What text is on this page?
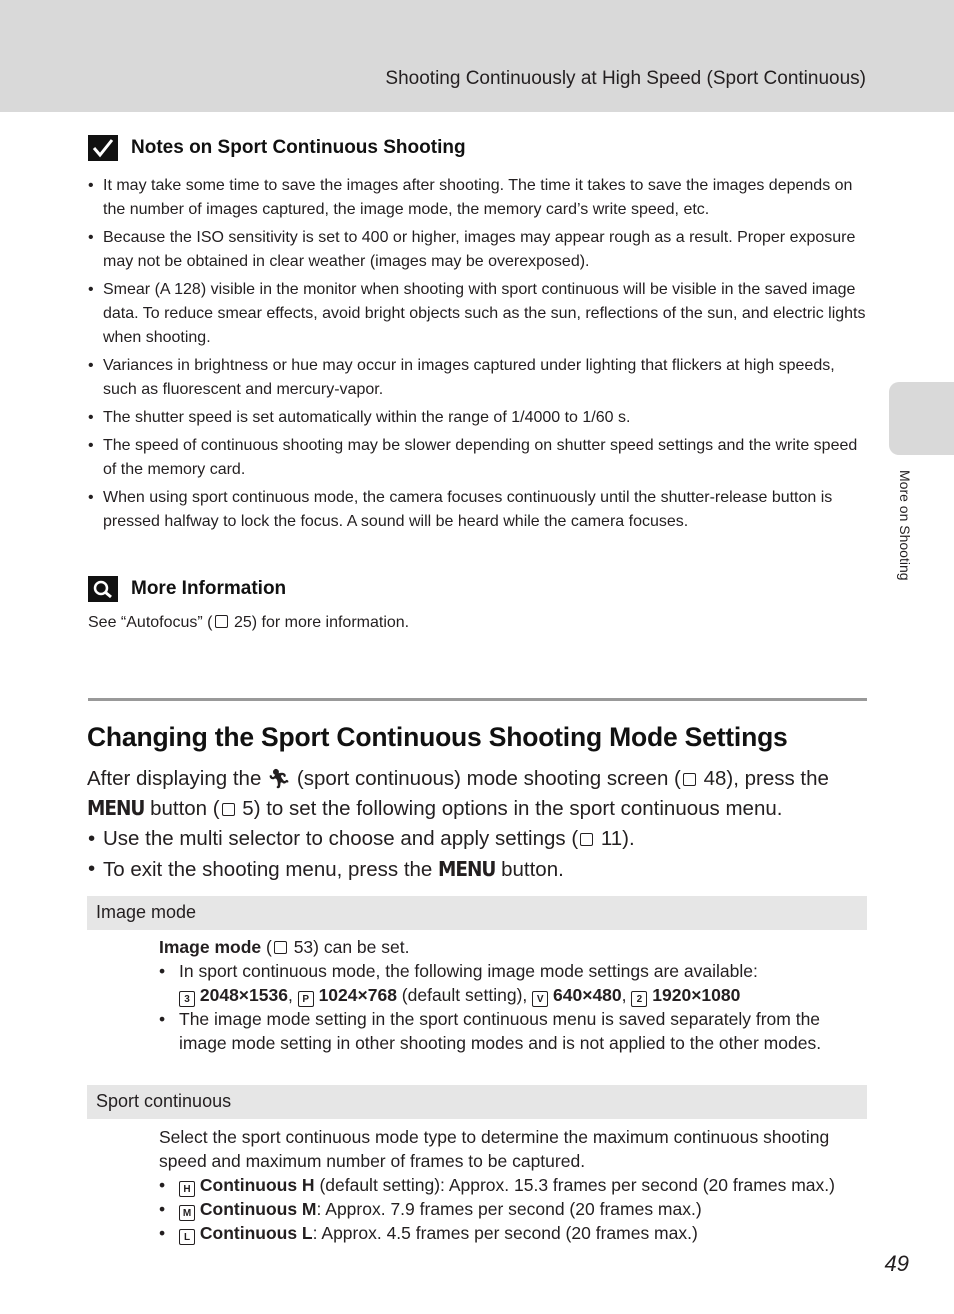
Shooting Continuously at High Speed (Sport Continuous)
More on Shooting
Notes on Sport Continuous Shooting
• It may take some time to save the images after shooting. The time it takes to save the images depends on the number of images captured, the image mode, the memory card’s write speed, etc.
• Because the ISO sensitivity is set to 400 or higher, images may appear rough as a result. Proper exposure may not be obtained in clear weather (images may be overexposed).
• Smear (A 128) visible in the monitor when shooting with sport continuous will be visible in the saved image data. To reduce smear effects, avoid bright objects such as the sun, reflections of the sun, and electric lights when shooting.
• Variances in brightness or hue may occur in images captured under lighting that flickers at high speeds, such as fluorescent and mercury-vapor.
• The shutter speed is set automatically within the range of 1/4000 to 1/60 s.
• The speed of continuous shooting may be slower depending on shutter speed settings and the write speed of the memory card.
• When using sport continuous mode, the camera focuses continuously until the shutter-release button is pressed halfway to lock the focus. A sound will be heard while the camera focuses.
More Information
See “Autofocus” ( 25) for more information.
Changing the Sport Continuous Shooting Mode Settings
After displaying the 🏃︎ (sport continuous) mode shooting screen ( 48), press the MENU button ( 5) to set the following options in the sport continuous menu.
• Use the multi selector to choose and apply settings ( 11).
• To exit the shooting menu, press the MENU button.
Image mode
Image mode ( 53) can be set.
• In sport continuous mode, the following image mode settings are available:
3 2048×1536, P 1024×768 (default setting), V 640×480, 2 1920×1080
• The image mode setting in the sport continuous menu is saved separately from the image mode setting in other shooting modes and is not applied to the other modes.
Sport continuous
Select the sport continuous mode type to determine the maximum continuous shooting speed and maximum number of frames to be captured.
• H Continuous H (default setting): Approx. 15.3 frames per second (20 frames max.)
• M Continuous M: Approx. 7.9 frames per second (20 frames max.)
• L Continuous L: Approx. 4.5 frames per second (20 frames max.)
49
